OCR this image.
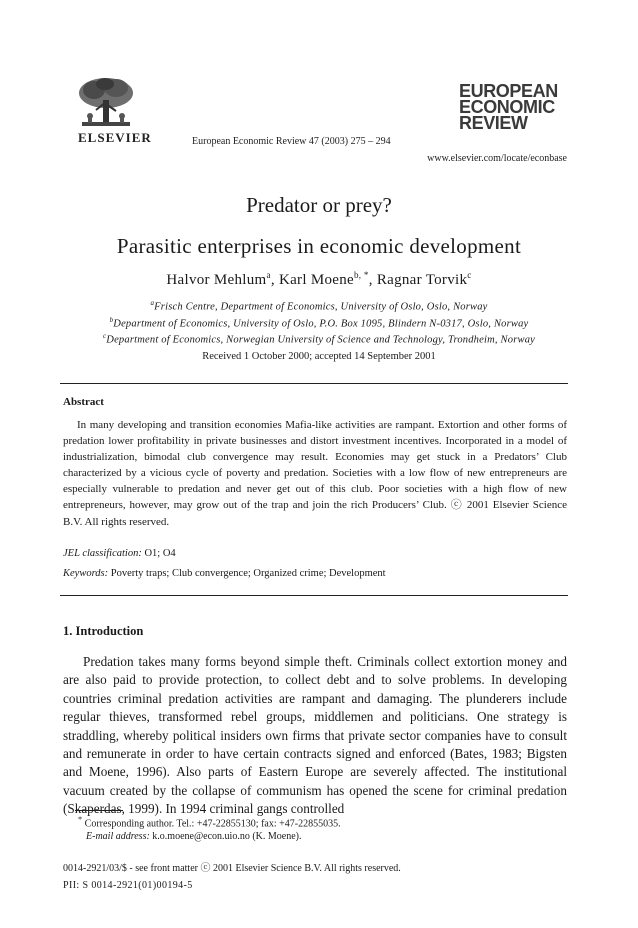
ELSEVIER	European Economic Review 47 (2003) 275 – 294
EUROPEAN
ECONOMIC
REVIEW
www.elsevier.com/locate/econbase
Predator or prey?
Parasitic enterprises in economic development
Halvor Mehlum$^a$, Karl Moene$^{b, *}$, Ragnar Torvik$^c$
$^a$Frisch Centre, Department of Economics, University of Oslo, Oslo, Norway
$^b$Department of Economics, University of Oslo, P.O. Box 1095, Blindern N-0317, Oslo, Norway
$^c$Department of Economics, Norwegian University of Science and Technology, Trondheim, Norway
Received 1 October 2000; accepted 14 September 2001
Abstract
In many developing and transition economies Mafia-like activities are rampant. Extortion and other forms of predation lower profitability in private businesses and distort investment incentives. Incorporated in a model of industrialization, bimodal club convergence may result. Economies may get stuck in a Predators’ Club characterized by a vicious cycle of poverty and predation. Societies with a low flow of new entrepreneurs are especially vulnerable to predation and never get out of this club. Poor societies with a high flow of new entrepreneurs, however, may grow out of the trap and join the rich Producers’ Club. ⓒ 2001 Elsevier Science B.V. All rights reserved.
JEL classification: O1; O4
Keywords: Poverty traps; Club convergence; Organized crime; Development
1. Introduction
Predation takes many forms beyond simple theft. Criminals collect extortion money and are also paid to provide protection, to collect debt and to solve problems. In developing countries criminal predation activities are rampant and damaging. The plunderers include regular thieves, transformed rebel groups, middlemen and politicians. One strategy is straddling, whereby political insiders own firms that private sector companies have to consult and remunerate in order to have certain contracts signed and enforced (Bates, 1983; Bigsten and Moene, 1996). Also parts of Eastern Europe are severely affected. The institutional vacuum created by the collapse of communism has opened the scene for criminal predation (Skaperdas, 1999). In 1994 criminal gangs controlled
* Corresponding author. Tel.: +47-22855130; fax: +47-22855035.
E-mail address: k.o.moene@econ.uio.no (K. Moene).
0014-2921/03/$ - see front matter ⓒ 2001 Elsevier Science B.V. All rights reserved.
PII: S 0014-2921(01)00194-5
